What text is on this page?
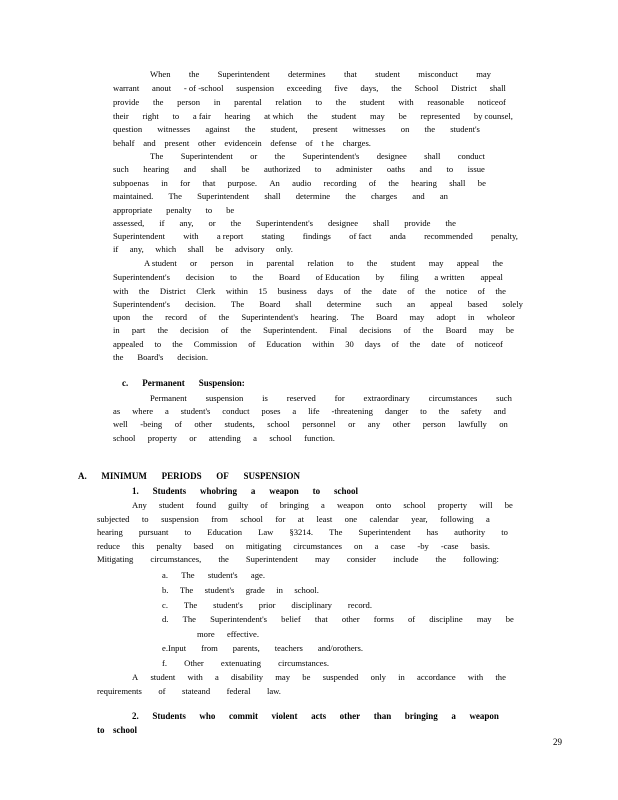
When the Superintendent determines that student misconduct may
warrant anout - of -school suspension exceeding five days, the School District shall
provide the person in parental relation to the student with reasonable noticeof
their right to a fair hearing at which the student may be represented by counsel,
question witnesses against the student, present witnesses on the student's
behalf and present other evidencein defense of t he charges.
The Superintendent or the Superintendent's designee shall conduct
such hearing and shall be authorized to administer oaths and to issue
subpoenas in for that purpose. An audio recording of the hearing shall be
maintained. The Superintendent shall determine the charges and an
appropriate penalty to be
assessed, if any, or the Superintendent's designee shall provide the
Superintendent with a report stating findings of fact anda recommended penalty,
if any, which shall be advisory only.
A student or person in parental relation to the student may appeal the
Superintendent's decision to the Board of Education by filing a written appeal
with the District Clerk within 15 business days of the date of the notice of the
Superintendent's decision. The Board shall determine such an appeal based solely
upon the record of the Superintendent's hearing. The Board may adopt in wholeor
in part the decision of the Superintendent. Final decisions of the Board may be
appealed to the Commission of Education within 30 days of the date of noticeof
the Board's decision.
c. Permanent Suspension:
Permanent suspension is reserved for extraordinary circumstances such
as where a student's conduct poses a life -threatening danger to the safety and
well -being of other students, school personnel or any other person lawfully on
school property or attending a school function.
A. MINIMUM PERIODS OF SUSPENSION
1. Students whobring a weapon to school
Any student found guilty of bringing a weapon onto school property will be
subjected to suspension from school for at least one calendar year, following a
hearing pursuant to Education Law §3214. The Superintendent has authority to
reduce this penalty based on mitigating circumstances on a case -by -case basis.
Mitigating circumstances, the Superintendent may consider include the following:
a. The student's age.
b. The student's grade in school.
c. The student's prior disciplinary record.
d. The Superintendent's belief that other forms of discipline may be
more effective.
e.Input from parents, teachers and/orothers.
f. Other extenuating circumstances.
A student with a disability may be suspended only in accordance with the
requirements of stateand federal law.
2. Students who commit violent acts other than bringing a weapon
to school
29
